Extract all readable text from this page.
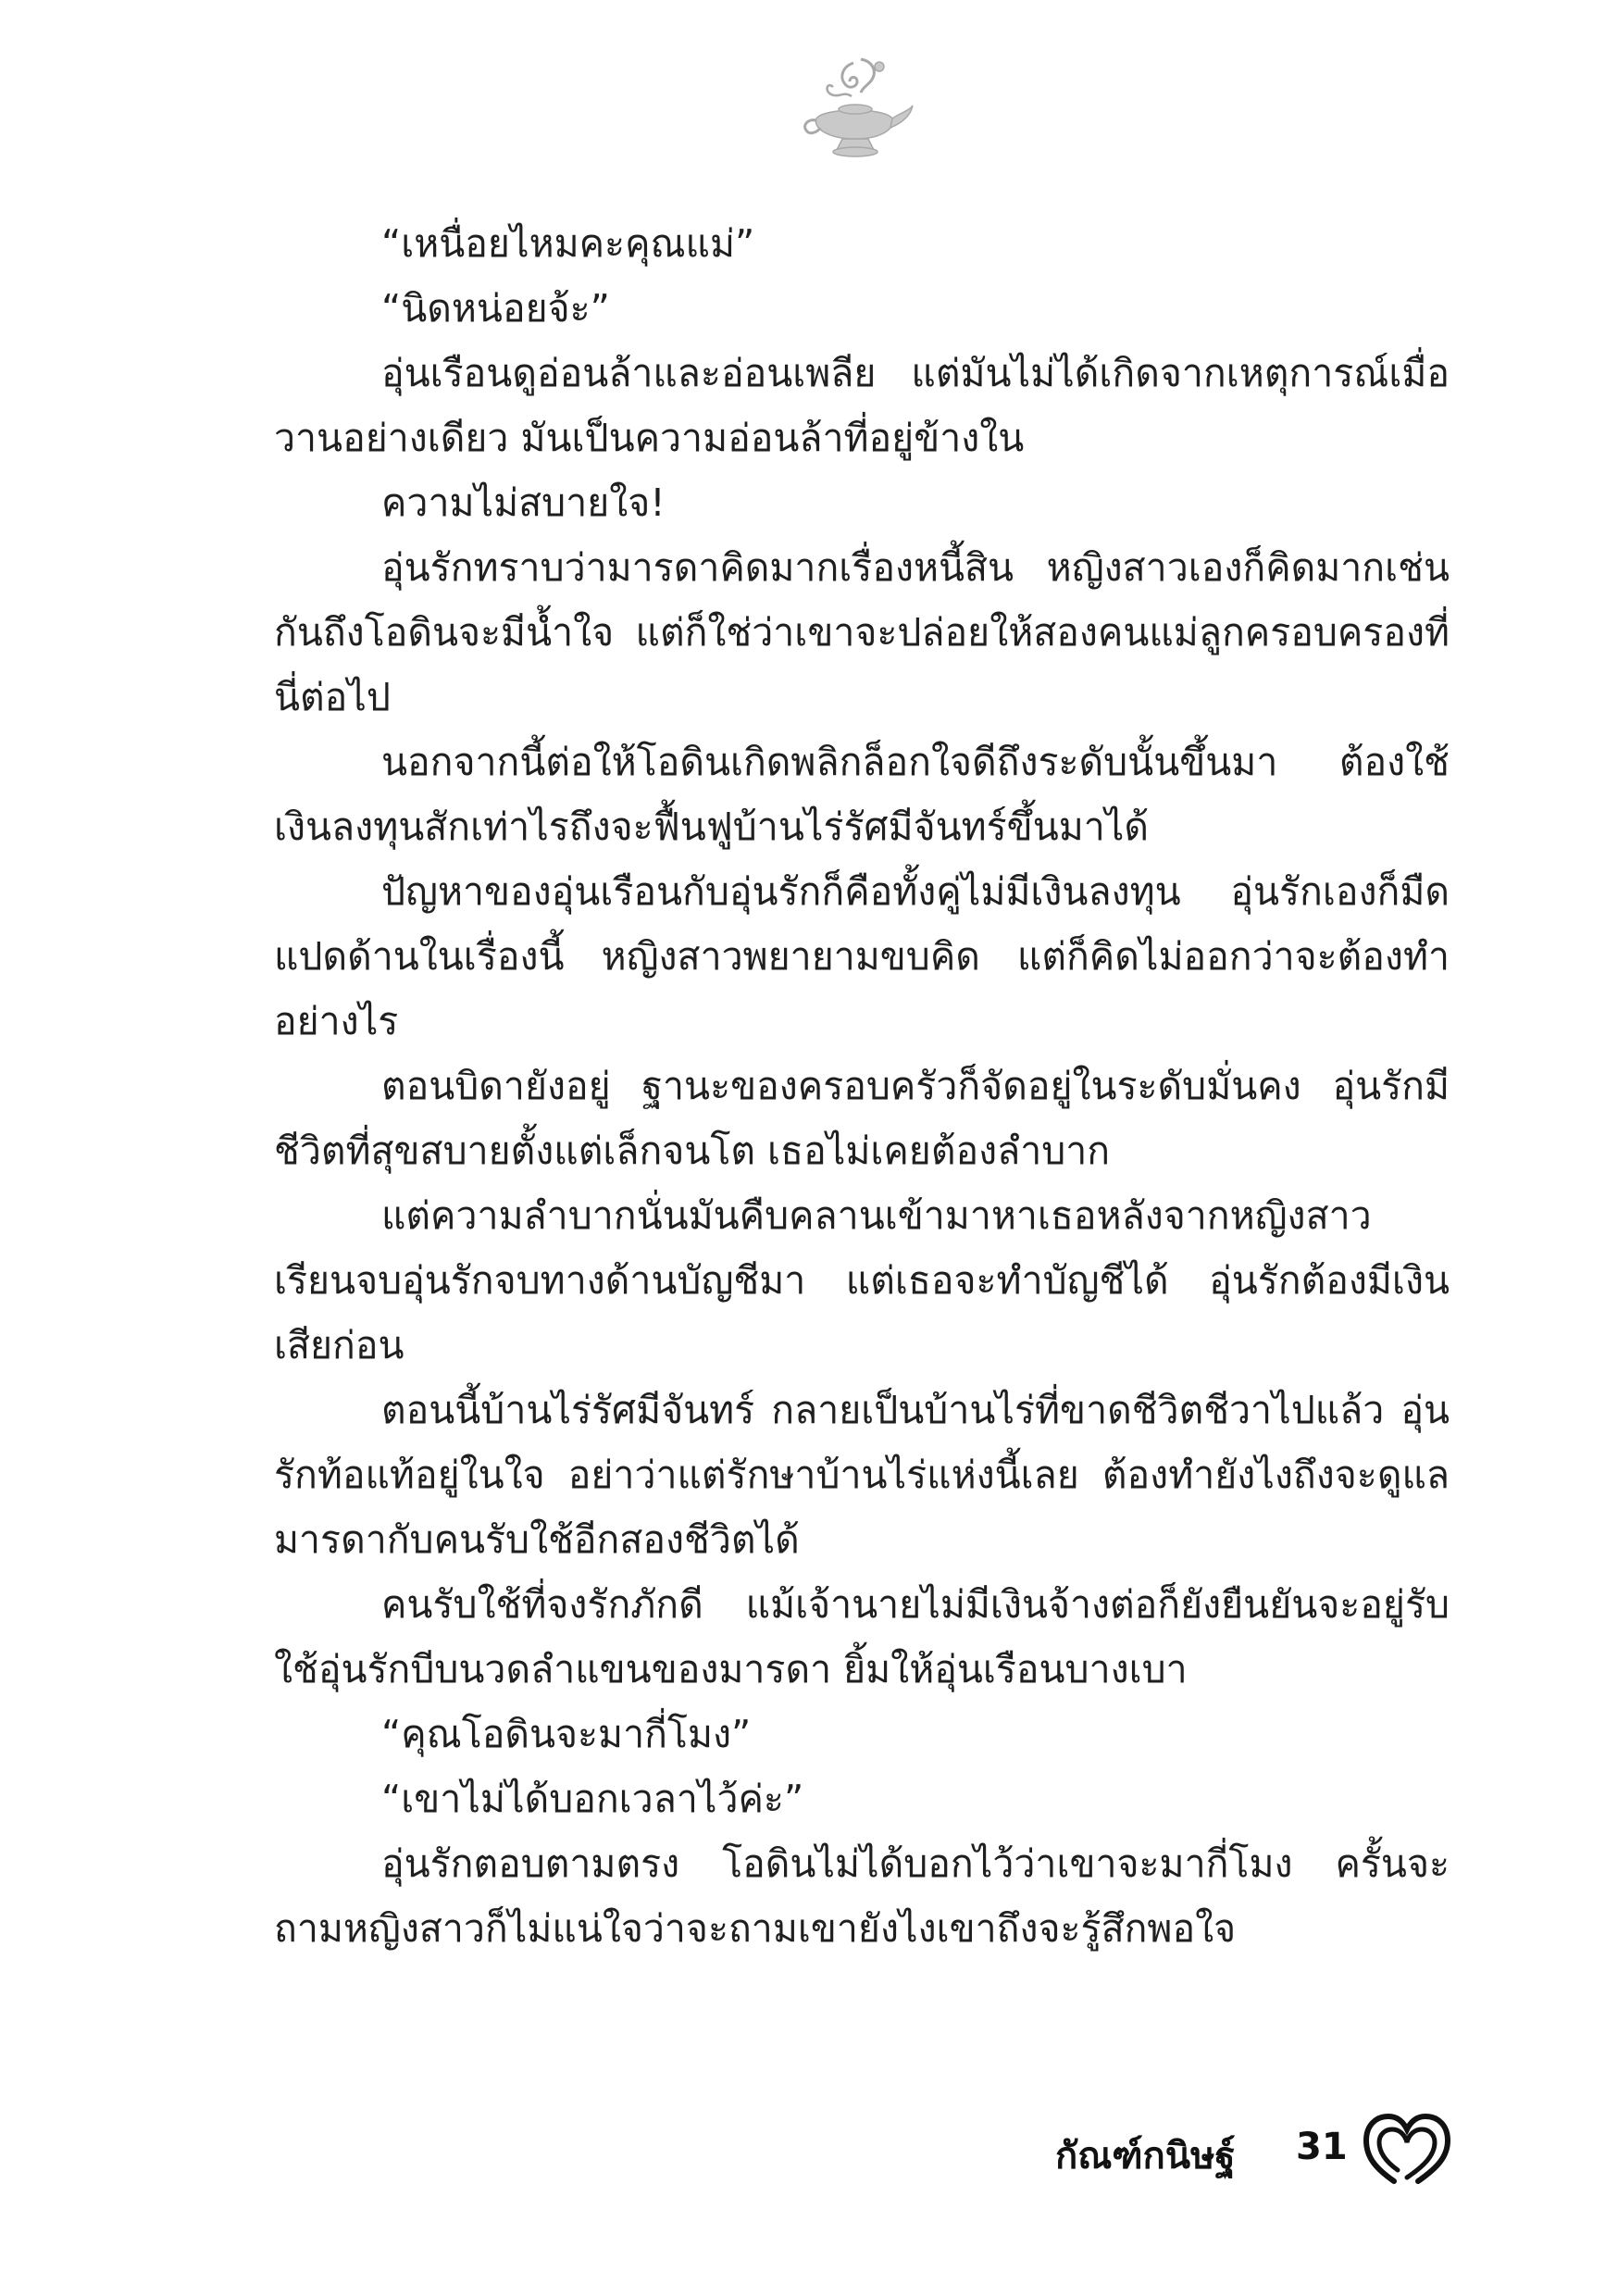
“เหนื่อยไหมคะคุณแม่”

“นิดหน่อยจ้ะ”

อุ่นเรือนดูอ่อนล้าและอ่อนเพลีย แต่มันไม่ได้เกิดจากเหตุการณ์เมื่อวานอย่างเดียว มันเป็นความอ่อนล้าที่อยู่ข้างใน

ความไม่สบายใจ!

อุ่นรักทราบว่ามารดาคิดมากเรื่องหนี้สิน หญิงสาวเองก็คิดมากเช่นกันถึงโอดินจะมีน้ำใจ แต่ก็ใช่ว่าเขาจะปล่อยให้สองคนแม่ลูกครอบครองที่นี่ต่อไป

นอกจากนี้ต่อให้โอดินเกิดพลิกล็อกใจดีถึงระดับนั้นขึ้นมา ต้องใช้เงินลงทุนสักเท่าไรถึงจะฟื้นฟูบ้านไร่รัศมีจันทร์ขึ้นมาได้

ปัญหาของอุ่นเรือนกับอุ่นรักก็คือทั้งคู่ไม่มีเงินลงทุน อุ่นรักเองก็มืดแปดด้านในเรื่องนี้ หญิงสาวพยายามขบคิด แต่ก็คิดไม่ออกว่าจะต้องทำอย่างไร

ตอนบิดายังอยู่ ฐานะของครอบครัวก็จัดอยู่ในระดับมั่นคง อุ่นรักมีชีวิตที่สุขสบายตั้งแต่เล็กจนโต เธอไม่เคยต้องลำบาก

แต่ความลำบากนั่นมันคืบคลานเข้ามาหาเธอหลังจากหญิงสาวเรียนจบอุ่นรักจบทางด้านบัญชีมา แต่เธอจะทำบัญชีได้ อุ่นรักต้องมีเงินเสียก่อน

ตอนนี้บ้านไร่รัศมีจันทร์ กลายเป็นบ้านไร่ที่ขาดชีวิตชีวาไปแล้ว อุ่นรักท้อแท้อยู่ในใจ อย่าว่าแต่รักษาบ้านไร่แห่งนี้เลย ต้องทำยังไงถึงจะดูแลมารดากับคนรับใช้อีกสองชีวิตได้

คนรับใช้ที่จงรักภักดี แม้เจ้านายไม่มีเงินจ้างต่อก็ยังยืนยันจะอยู่รับใช้อุ่นรักบีบนวดลำแขนของมารดา ยิ้มให้อุ่นเรือนบางเบา

“คุณโอดินจะมากี่โมง”

“เขาไม่ได้บอกเวลาไว้ค่ะ”

อุ่นรักตอบตามตรง โอดินไม่ได้บอกไว้ว่าเขาจะมากี่โมง ครั้นจะถามหญิงสาวก็ไม่แน่ใจว่าจะถามเขายังไงเขาถึงจะรู้สึกพอใจ

กัณฑ์กนิษฐ์ 31
